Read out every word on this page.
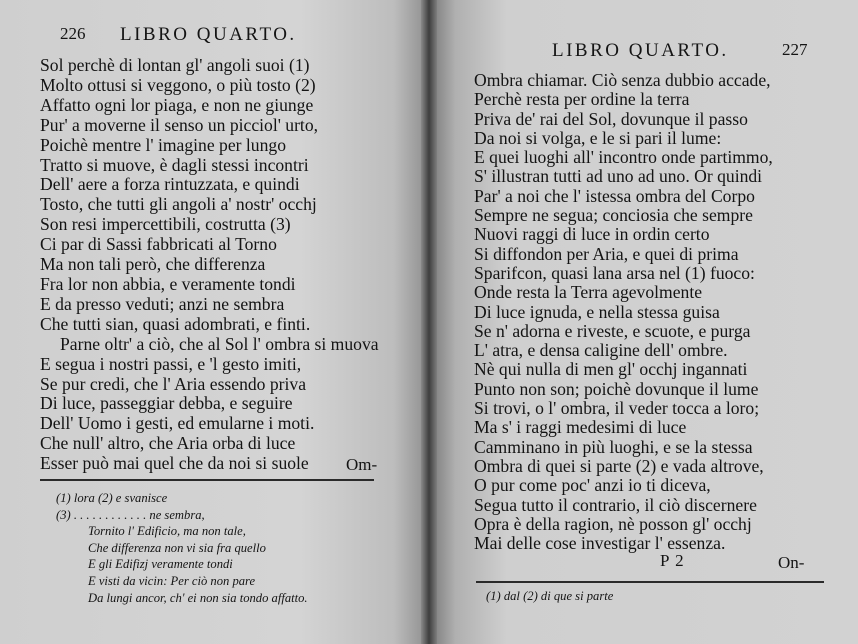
226 LIBRO QUARTO.
Sol perchè di lontan gl' angoli suoi (1)
Molto ottusi si veggono, o più tosto (2)
Affatto ogni lor piaga, e non ne giunge
Pur' a moverne il senso un picciol' urto,
Poichè mentre l' imagine per lungo
Tratto si muove, è dagli stessi incontri
Dell' aere a forza rintuzzata, e quindi
Tosto, che tutti gli angoli a' nostr' occhj
Son resi impercettibili, costrutta (3)
Ci par di Sassi fabbricati al Torno
Ma non tali però, che differenza
Fra lor non abbia, e veramente tondi
E da presso veduti; anzi ne sembra
Che tutti sian, quasi adombrati, e finti.
Parne oltr' a ciò, che al Sol l' ombra si muova
E segua i nostri passi, e 'l gesto imiti,
Se pur credi, che l' Aria essendo priva
Di luce, passeggiar debba, e seguire
Dell' Uomo i gesti, ed emularne i moti.
Che null' altro, che Aria orba di luce
Esser può mai quel che da noi si suole	Om-
(1) lora (2) e svanisce
(3) . . . . . . . . . . . . ne sembra,
Tornito l' Edificio, ma non tale,
Che differenza non vi sia fra quello
E gli Edifizj veramente tondi
E visti da vicin: Per ciò non pare
Da lungi ancor, ch' ei non sia tondo affatto.
LIBRO QUARTO.	227
Ombra chiamar. Ciò senza dubbio accade,
Perchè resta per ordine la terra
Priva de' rai del Sol, dovunque il passo
Da noi si volga, e le si pari il lume:
E quei luoghi all' incontro onde partimmo,
S' illustran tutti ad uno ad uno. Or quindi
Par' a noi che l' istessa ombra del Corpo
Sempre ne segua; conciosia che sempre
Nuovi raggi di luce in ordin certo
Si diffondon per Aria, e quei di prima
Sparifcon, quasi lana arsa nel (1) fuoco:
Onde resta la Terra agevolmente
Di luce ignuda, e nella stessa guisa
Se n' adorna e riveste, e scuote, e purga
L' atra, e densa caligine dell' ombre.
Nè qui nulla di men gl' occhj ingannati
Punto non son; poichè dovunque il lume
Si trovi, o l' ombra, il veder tocca a loro;
Ma s' i raggi medesimi di luce
Camminano in più luoghi, e se la stessa
Ombra di quei si parte (2) e vada altrove,
O pur come poc' anzi io ti diceva,
Segua tutto il contrario, il ciò discernere
Opra è della ragion, nè posson gl' occhj
Mai delle cose investigar l' essenza.
P 2	On-
(1) dal (2) di que si parte
